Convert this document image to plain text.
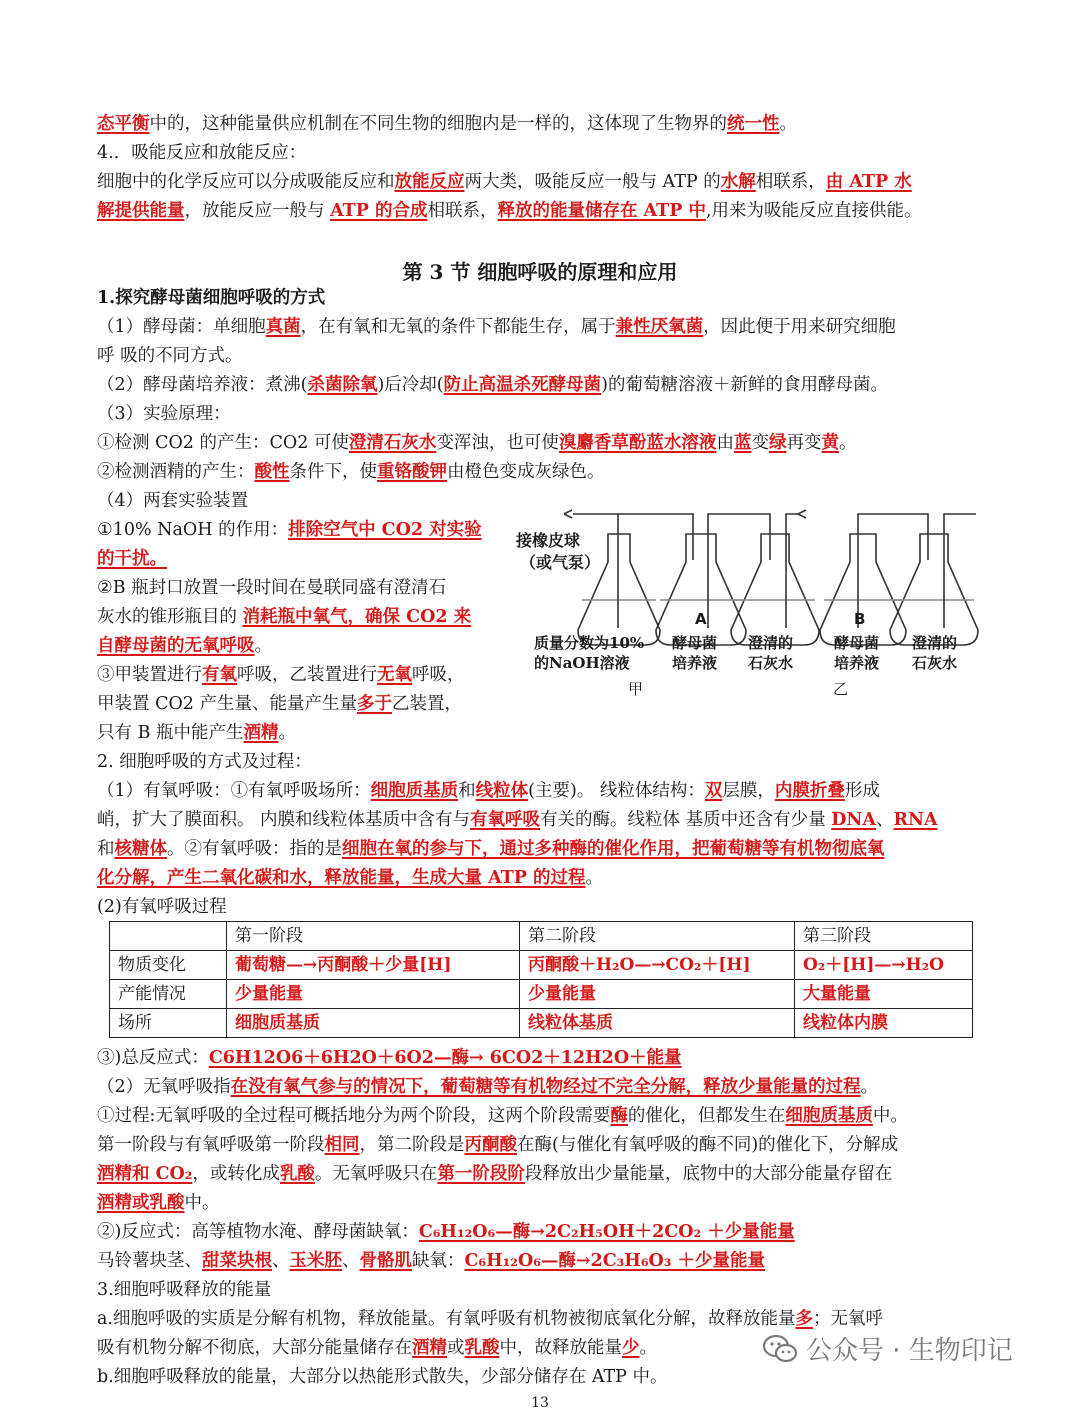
态平衡中的，这种能量供应机制在不同生物的细胞内是一样的，这体现了生物界的统一性。
4.．吸能反应和放能反应：
细胞中的化学反应可以分成吸能反应和放能反应两大类，吸能反应一般与 ATP 的水解相联系，由 ATP 水
解提供能量，放能反应一般与 ATP 的合成相联系，释放的能量储存在 ATP 中,用来为吸能反应直接供能。
第 3 节 细胞呼吸的原理和应用
1.探究酵母菌细胞呼吸的方式
（1）酵母菌：单细胞真菌，在有氧和无氧的条件下都能生存，属于兼性厌氧菌，因此便于用来研究细胞
呼 吸的不同方式。
（2）酵母菌培养液：煮沸(杀菌除氧)后冷却(防止高温杀死酵母菌)的葡萄糖溶液＋新鲜的食用酵母菌。
（3）实验原理：
①检测 CO2 的产生：CO2 可使澄清石灰水变浑浊，也可使溴麝香草酚蓝水溶液由蓝变绿再变黄。
②检测酒精的产生：酸性条件下，使重铬酸钾由橙色变成灰绿色。
（4）两套实验装置
①10% NaOH 的作用：排除空气中 CO2 对实验
的干扰。
②B 瓶封口放置一段时间在曼联同盛有澄清石
灰水的锥形瓶目的 消耗瓶中氧气，确保 CO2 来
自酵母菌的无氧呼吸。
③甲装置进行有氧呼吸，乙装置进行无氧呼吸，
甲装置 CO2 产生量、能量产生量多于乙装置，
只有 B 瓶中能产生酒精。
接橡皮球
（或气泵）
A	B
质量分数为10%
的NaOH溶液
酵母菌
培养液
澄清的
石灰水
酵母菌
培养液
澄清的
石灰水
甲	乙
2. 细胞呼吸的方式及过程：
（1）有氧呼吸：①有氧呼吸场所：细胞质基质和线粒体(主要)。 线粒体结构：双层膜，内膜折叠形成
峭，扩大了膜面积。 内膜和线粒体基质中含有与有氧呼吸有关的酶。线粒体 基质中还含有少量 DNA、RNA
和核糖体。②有氧呼吸：指的是细胞在氧的参与下，通过多种酶的催化作用，把葡萄糖等有机物彻底氧
化分解，产生二氧化碳和水，释放能量，生成大量 ATP 的过程。
(2)有氧呼吸过程
	第一阶段	第二阶段	第三阶段
物质变化	葡萄糖—→丙酮酸＋少量[H]	丙酮酸＋H₂O—→CO₂＋[H]	O₂＋[H]—→H₂O
产能情况	少量能量	少量能量	大量能量
场所	细胞质基质	线粒体基质	线粒体内膜
③)总反应式：C6H12O6＋6H2O＋6O2—酶→ 6CO2＋12H2O＋能量
（2）无氧呼吸指在没有氧气参与的情况下，葡萄糖等有机物经过不完全分解，释放少量能量的过程。
①过程:无氧呼吸的全过程可概括地分为两个阶段，这两个阶段需要酶的催化，但都发生在细胞质基质中。
第一阶段与有氧呼吸第一阶段相同，第二阶段是丙酮酸在酶(与催化有氧呼吸的酶不同)的催化下，分解成
酒精和 CO₂，或转化成乳酸。无氧呼吸只在第一阶段阶段释放出少量能量，底物中的大部分能量存留在
酒精或乳酸中。
②)反应式：高等植物水淹、酵母菌缺氧：C₆H₁₂O₆—酶→2C₂H₅OH＋2CO₂ ＋少量能量
马铃薯块茎、甜菜块根、玉米胚、骨骼肌缺氧：C₆H₁₂O₆—酶→2C₃H₆O₃ ＋少量能量
3.细胞呼吸释放的能量
a.细胞呼吸的实质是分解有机物，释放能量。有氧呼吸有机物被彻底氧化分解，故释放能量多；无氧呼
吸有机物分解不彻底，大部分能量储存在酒精或乳酸中，故释放能量少。
b.细胞呼吸释放的能量，大部分以热能形式散失，少部分储存在 ATP 中。
公众号 · 生物印记
13
